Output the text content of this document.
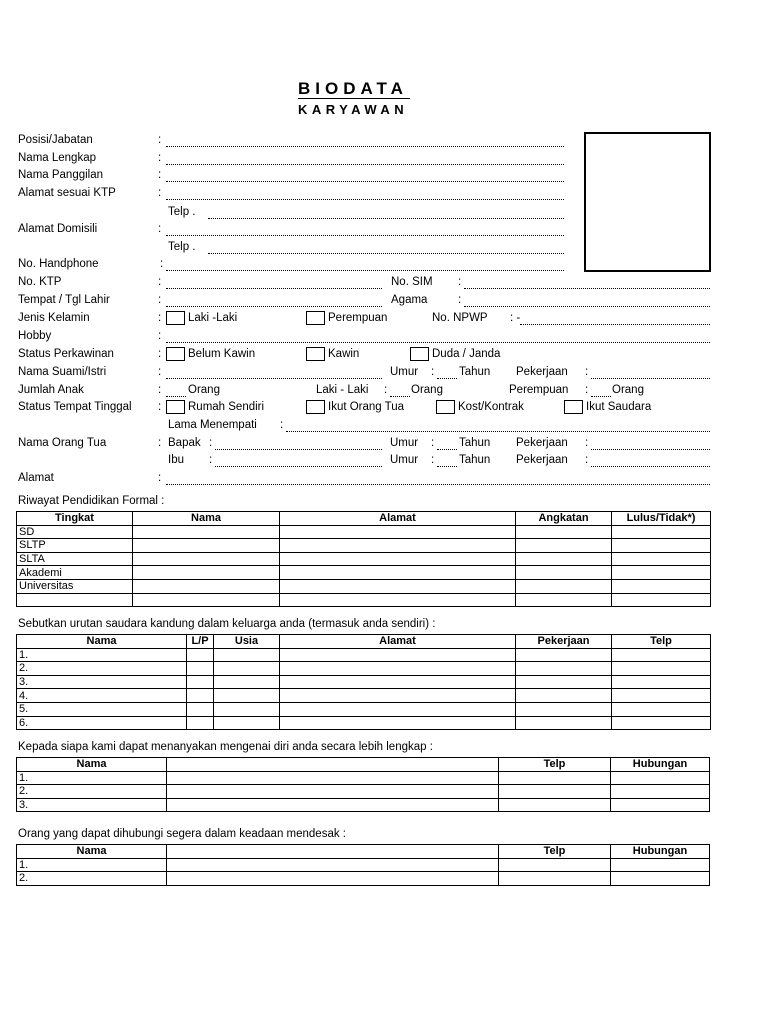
BIODATA
KARYAWAN
Posisi/Jabatan	:
Nama Lengkap	:
Nama Panggilan	:
Alamat sesuai KTP	:
Telp .
Alamat Domisili	:
Telp .
No. Handphone	:
No. KTP	:	No. SIM :
Tempat / Tgl Lahir	:	Agama	:
Jenis Kelamin	: Laki -Laki	Perempuan	No. NPWP : -
Hobby	:
Status Perkawinan	: Belum Kawin	Kawin	Duda / Janda
Nama Suami/Istri	:	Umur : Tahun Pekerjaan :
Jumlah Anak	: Orang	Laki - Laki : Orang	Perempuan : Orang
Status Tempat Tinggal : Rumah Sendiri	Ikut Orang Tua	Kost/Kontrak	Ikut Saudara
Lama Menempati :
Nama Orang Tua	: Bapak :	Umur : Tahun Pekerjaan :
Ibu :	Umur : Tahun Pekerjaan :
Alamat	:
Riwayat Pendidikan Formal :
Tingkat	Nama	Alamat	Angkatan	Lulus/Tidak*)
SD				
SLTP				
SLTA				
Akademi				
Universitas				

Sebutkan urutan saudara kandung dalam keluarga anda (termasuk anda sendiri) :
Nama	L/P	Usia	Alamat	Pekerjaan	Telp
1.					
2.					
3.					
4.					
5.					
6.					
Kepada siapa kami dapat menanyakan mengenai diri anda secara lebih lengkap :
Nama		Telp	Hubungan
1.			
2.			
3.			
Orang yang dapat dihubungi segera dalam keadaan mendesak :
Nama		Telp	Hubungan
1.			
2.			
